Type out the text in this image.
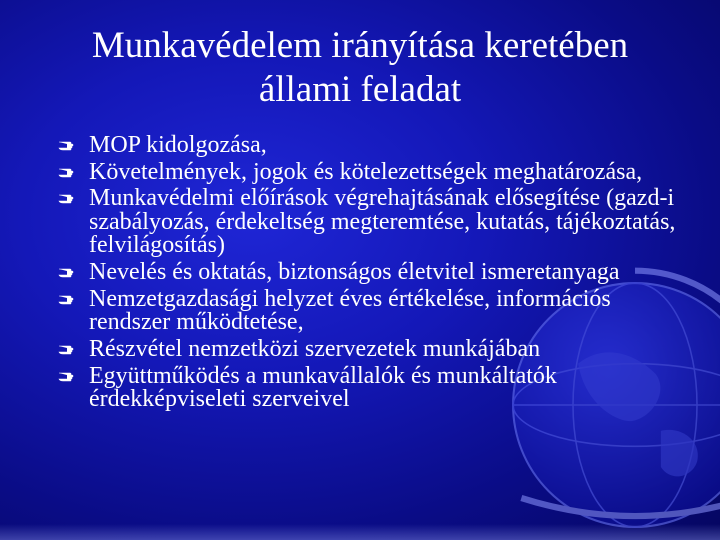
Munkavédelem irányítása keretében
állami feladat
MOP kidolgozása,
Követelmények, jogok és kötelezettségek meghatározása,
Munkavédelmi előírások végrehajtásának elősegítése (gazd-i szabályozás, érdekeltség megteremtése, kutatás, tájékoztatás, felvilágosítás)
Nevelés és oktatás, biztonságos életvitel ismeretanyaga
Nemzetgazdasági helyzet éves értékelése, információs rendszer működtetése,
Részvétel nemzetközi szervezetek munkájában
Együttműködés a munkavállalók és munkáltatók érdekképviseleti szerveivel
